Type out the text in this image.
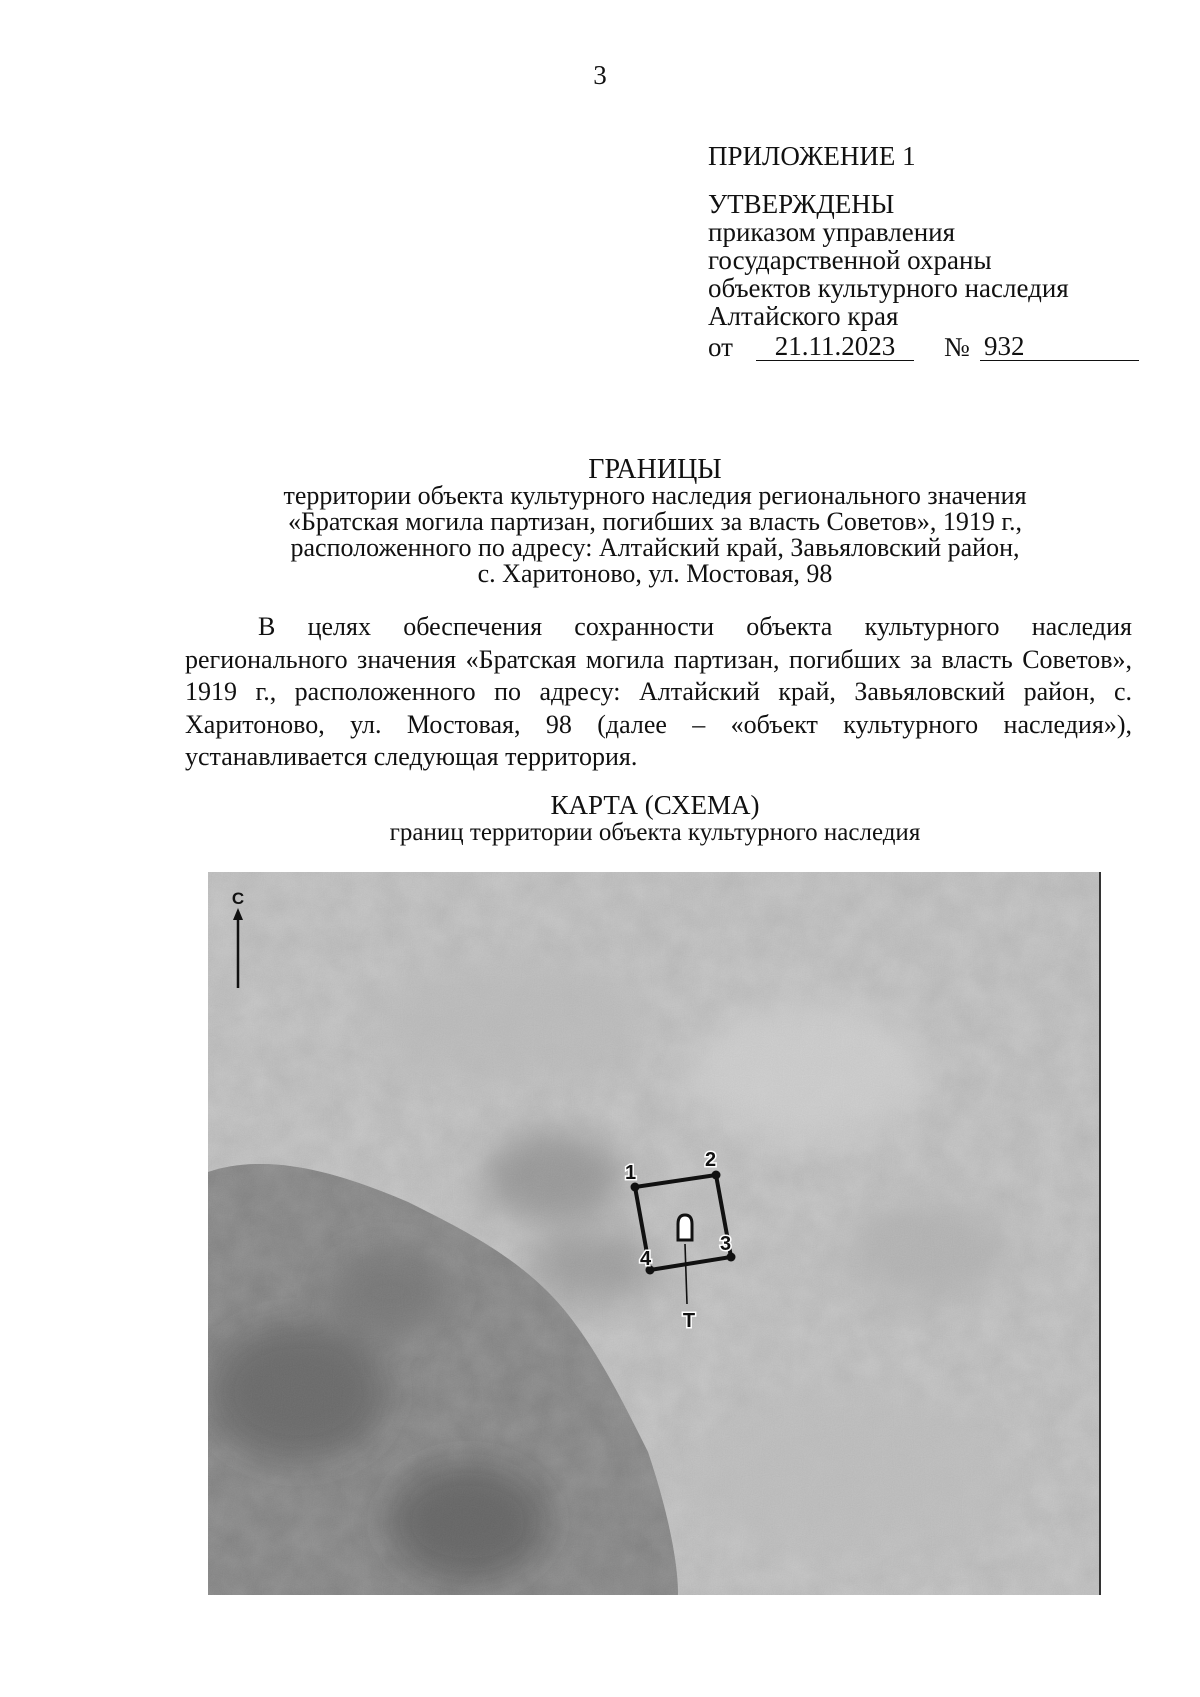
3
ПРИЛОЖЕНИЕ 1
УТВЕРЖДЕНЫ
приказом управления
государственной охраны
объектов культурного наследия
Алтайского края
от	21.11.2023	№ 932
ГРАНИЦЫ
территории объекта культурного наследия регионального значения
«Братская могила партизан, погибших за власть Советов», 1919 г.,
расположенного по адресу: Алтайский край, Завьяловский район,
с. Харитоново, ул. Мостовая, 98

В целях обеспечения сохранности объекта культурного наследия регионального значения «Братская могила партизан, погибших за власть Советов», 1919 г., расположенного по адресу: Алтайский край, Завьяловский район, с. Харитоново, ул. Мостовая, 98 (далее – «объект культурного наследия»), устанавливается следующая территория.

КАРТА (СХЕМА)
границ территории объекта культурного наследия
С
1
2
3
4
Т
